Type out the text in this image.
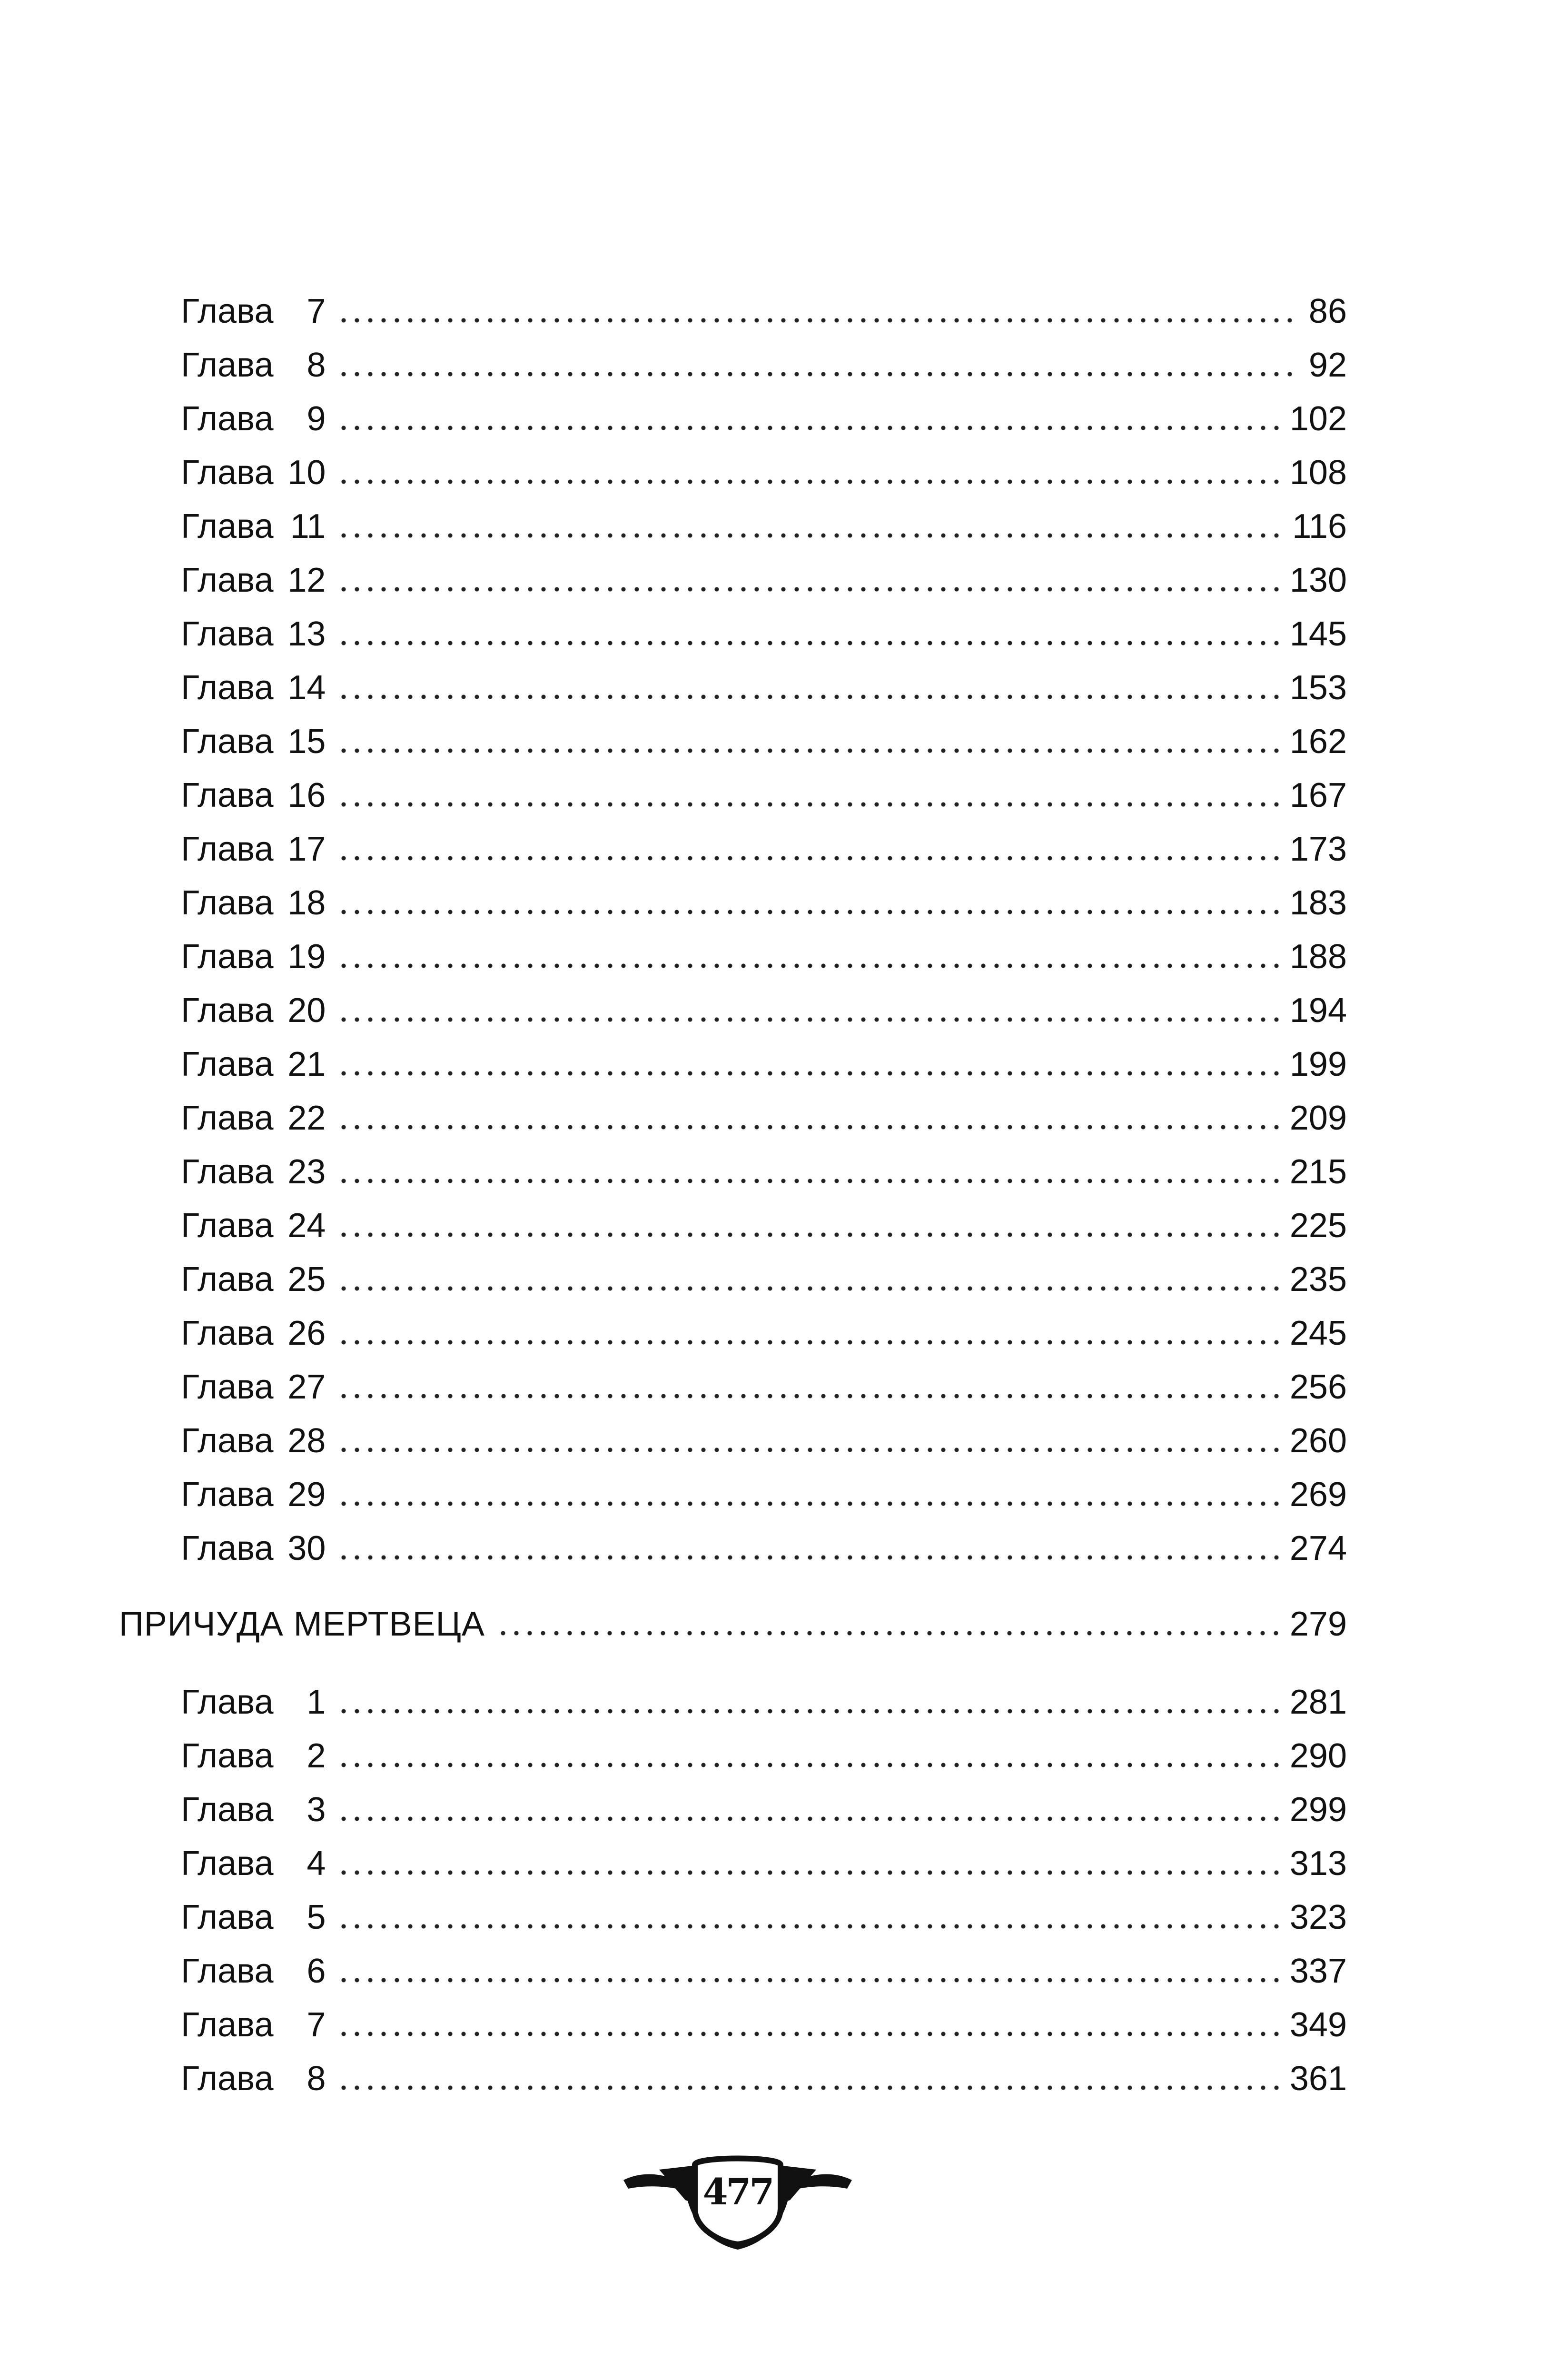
Глава 7	86
Глава 8	92
Глава 9	102
Глава 10	108
Глава 11	116
Глава 12	130
Глава 13	145
Глава 14	153
Глава 15	162
Глава 16	167
Глава 17	173
Глава 18	183
Глава 19	188
Глава 20	194
Глава 21	199
Глава 22	209
Глава 23	215
Глава 24	225
Глава 25	235
Глава 26	245
Глава 27	256
Глава 28	260
Глава 29	269
Глава 30	274
ПРИЧУДА МЕРТВЕЦА	279
Глава 1	281
Глава 2	290
Глава 3	299
Глава 4	313
Глава 5	323
Глава 6	337
Глава 7	349
Глава 8	361
477
